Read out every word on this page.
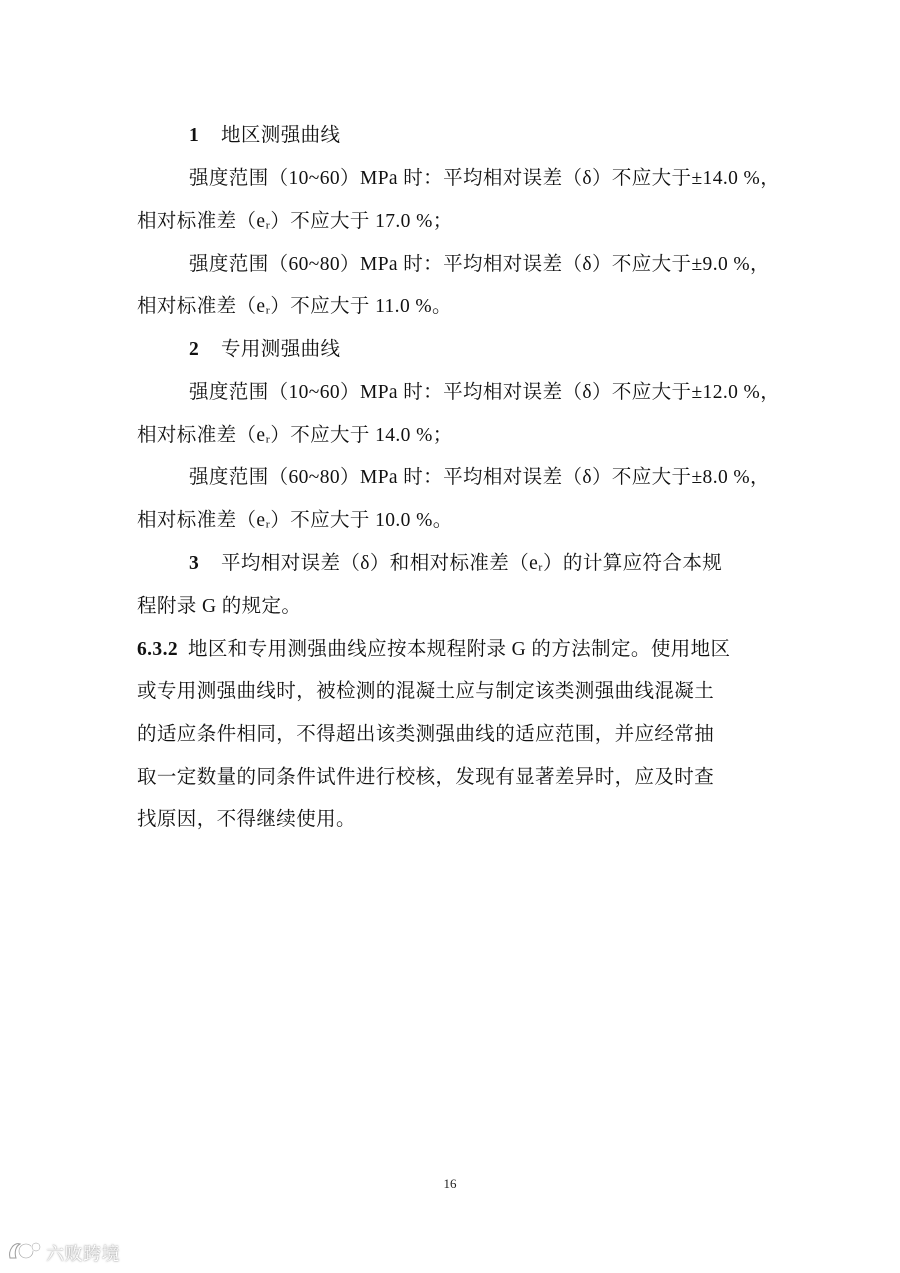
1 地区测强曲线
强度范围（10~60）MPa 时：平均相对误差（δ）不应大于±14.0 %，
相对标准差（eᵣ）不应大于 17.0 %；
强度范围（60~80）MPa 时：平均相对误差（δ）不应大于±9.0 %，
相对标准差（eᵣ）不应大于 11.0 %。
2 专用测强曲线
强度范围（10~60）MPa 时：平均相对误差（δ）不应大于±12.0 %，
相对标准差（eᵣ）不应大于 14.0 %；
强度范围（60~80）MPa 时：平均相对误差（δ）不应大于±8.0 %，
相对标准差（eᵣ）不应大于 10.0 %。
3 平均相对误差（δ）和相对标准差（eᵣ）的计算应符合本规
程附录 G 的规定。
6.3.2 地区和专用测强曲线应按本规程附录 G 的方法制定。使用地区
或专用测强曲线时，被检测的混凝土应与制定该类测强曲线混凝土
的适应条件相同，不得超出该类测强曲线的适应范围，并应经常抽
取一定数量的同条件试件进行校核，发现有显著差异时，应及时查
找原因，不得继续使用。
16
六败跨境
